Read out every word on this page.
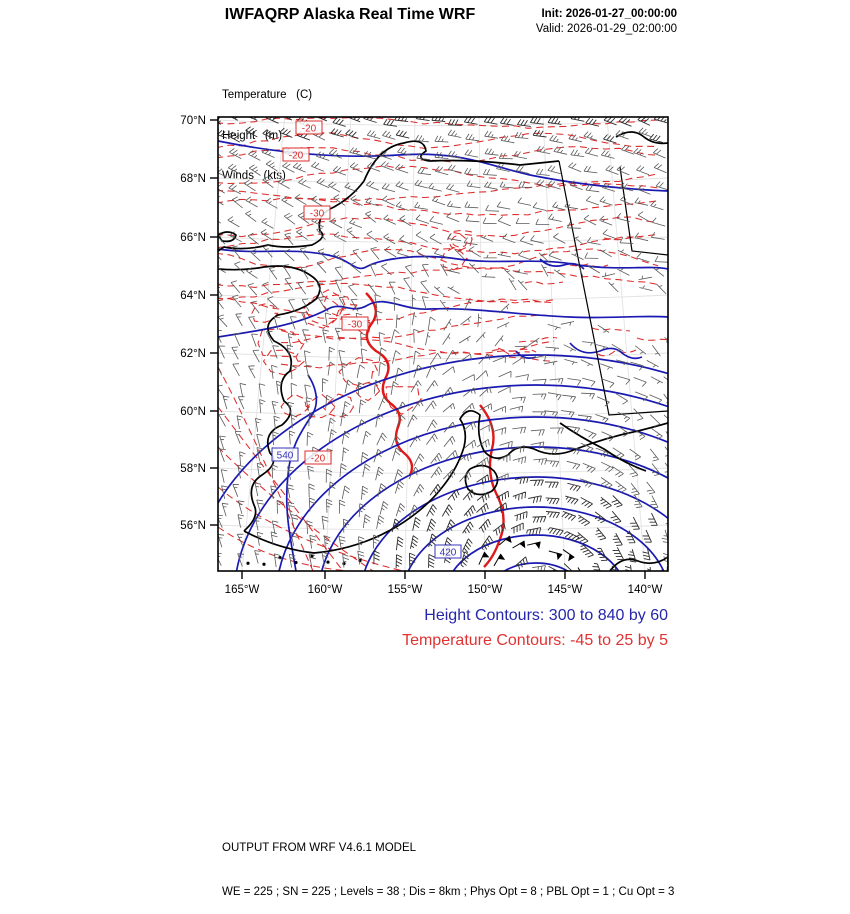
IWFAQRP Alaska Real Time WRF	Init: 2026-01-27_00:00:00
Valid: 2026-01-29_02:00:00

Temperature   (C)

Height   (m)

Winds   (kts)

540
420
-20
-20
-30
-30
-20
165°W	160°W	155°W	150°W	145°W	140°W
70°N
68°N
66°N
64°N
62°N
60°N
58°N
56°N
Height Contours: 300 to 840 by 60
Temperature Contours: -45 to 25 by 5

OUTPUT FROM WRF V4.6.1 MODEL

WE = 225 ; SN = 225 ; Levels = 38 ; Dis = 8km ; Phys Opt = 8 ; PBL Opt = 1 ; Cu Opt = 3
